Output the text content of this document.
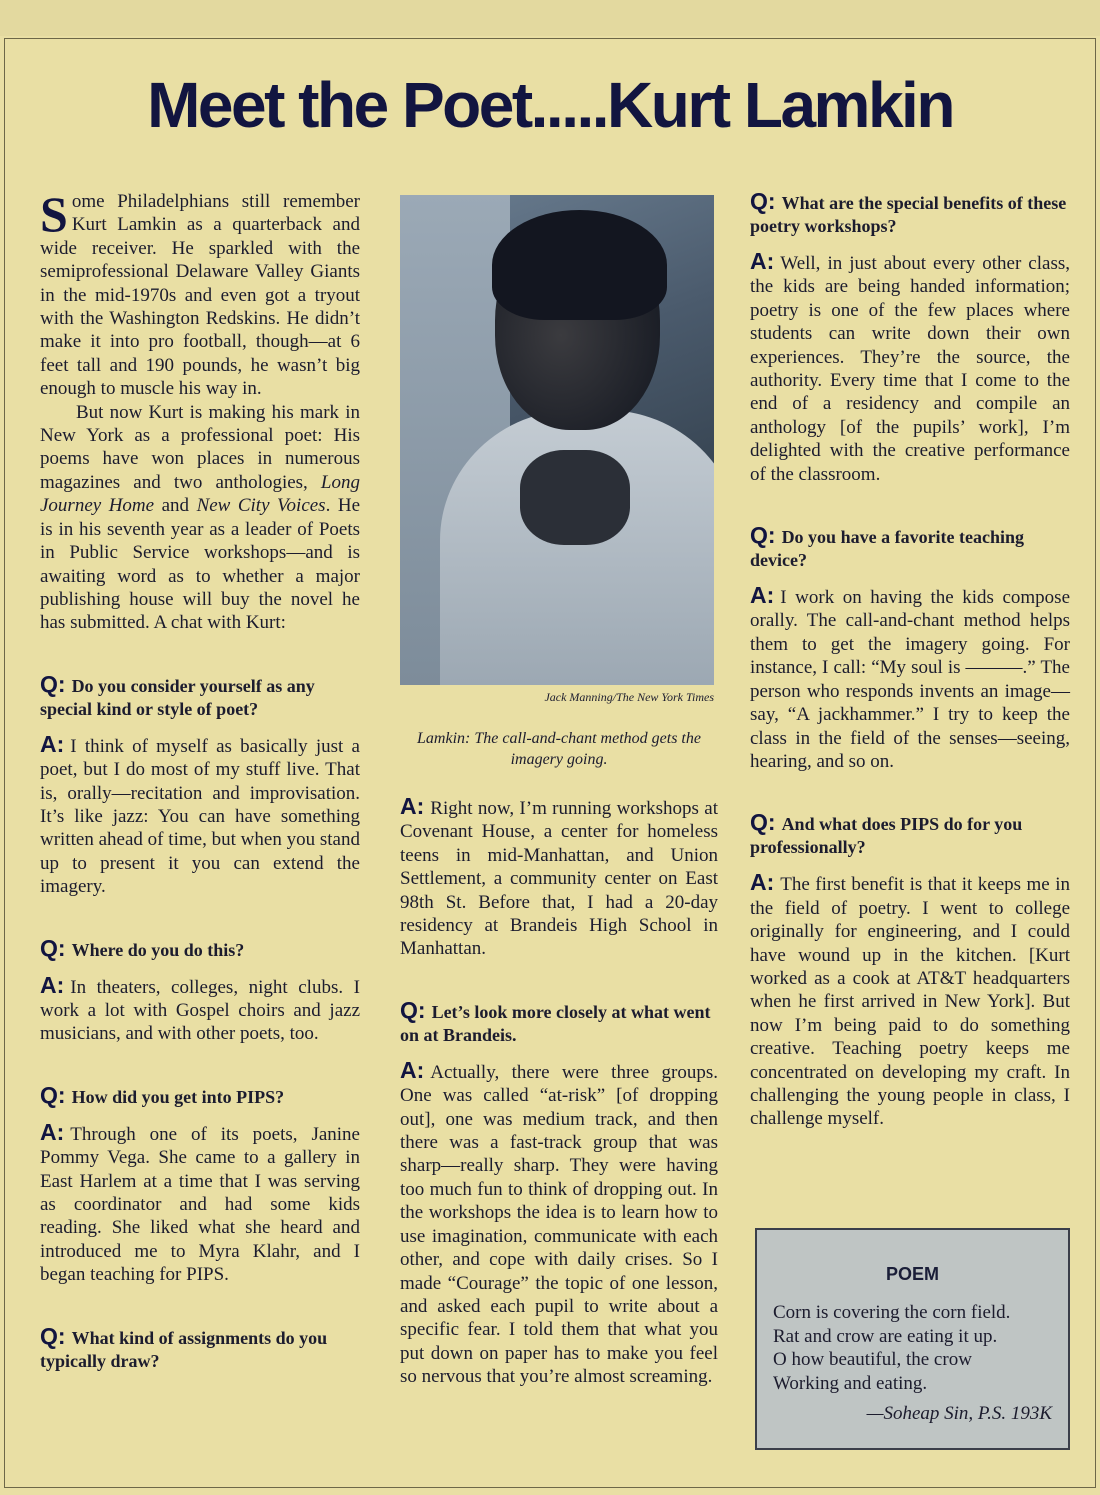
Meet the Poet.....Kurt Lamkin

Some Philadelphians still remember Kurt Lamkin as a quarterback and wide receiver. He sparkled with the semiprofessional Delaware Valley Giants in the mid-1970s and even got a tryout with the Washington Redskins. He didn’t make it into pro football, though—at 6 feet tall and 190 pounds, he wasn’t big enough to muscle his way in.

But now Kurt is making his mark in New York as a professional poet: His poems have won places in numerous magazines and two anthologies, Long Journey Home and New City Voices. He is in his seventh year as a leader of Poets in Public Service workshops—and is awaiting word as to whether a major publishing house will buy the novel he has submitted. A chat with Kurt:

Q: Do you consider yourself as any special kind or style of poet?

A: I think of myself as basically just a poet, but I do most of my stuff live. That is, orally—recitation and improvisation. It’s like jazz: You can have something written ahead of time, but when you stand up to present it you can extend the imagery.

Q: Where do you do this?

A: In theaters, colleges, night clubs. I work a lot with Gospel choirs and jazz musicians, and with other poets, too.

Q: How did you get into PIPS?

A: Through one of its poets, Janine Pommy Vega. She came to a gallery in East Harlem at a time that I was serving as coordinator and had some kids reading. She liked what she heard and introduced me to Myra Klahr, and I began teaching for PIPS.

Q: What kind of assignments do you typically draw?

Jack Manning/The New York Times

Lamkin: The call-and-chant method gets the imagery going.

A: Right now, I’m running workshops at Covenant House, a center for homeless teens in mid-Manhattan, and Union Settlement, a community center on East 98th St. Before that, I had a 20-day residency at Brandeis High School in Manhattan.

Q: Let’s look more closely at what went on at Brandeis.

A: Actually, there were three groups. One was called “at-risk” [of dropping out], one was medium track, and then there was a fast-track group that was sharp—really sharp. They were having too much fun to think of dropping out. In the workshops the idea is to learn how to use imagination, communicate with each other, and cope with daily crises. So I made “Courage” the topic of one lesson, and asked each pupil to write about a specific fear. I told them that what you put down on paper has to make you feel so nervous that you’re almost screaming.

Q: What are the special benefits of these poetry workshops?

A: Well, in just about every other class, the kids are being handed information; poetry is one of the few places where students can write down their own experiences. They’re the source, the authority. Every time that I come to the end of a residency and compile an anthology [of the pupils’ work], I’m delighted with the creative performance of the classroom.

Q: Do you have a favorite teaching device?

A: I work on having the kids compose orally. The call-and-chant method helps them to get the imagery going. For instance, I call: “My soul is ———.” The person who responds invents an image—say, “A jackhammer.” I try to keep the class in the field of the senses—seeing, hearing, and so on.

Q: And what does PIPS do for you professionally?

A: The first benefit is that it keeps me in the field of poetry. I went to college originally for engineering, and I could have wound up in the kitchen. [Kurt worked as a cook at AT&T headquarters when he first arrived in New York]. But now I’m being paid to do something creative. Teaching poetry keeps me concentrated on developing my craft. In challenging the young people in class, I challenge myself.

POEM

Corn is covering the corn field.

Rat and crow are eating it up.

O how beautiful, the crow

Working and eating.

—Soheap Sin, P.S. 193K
